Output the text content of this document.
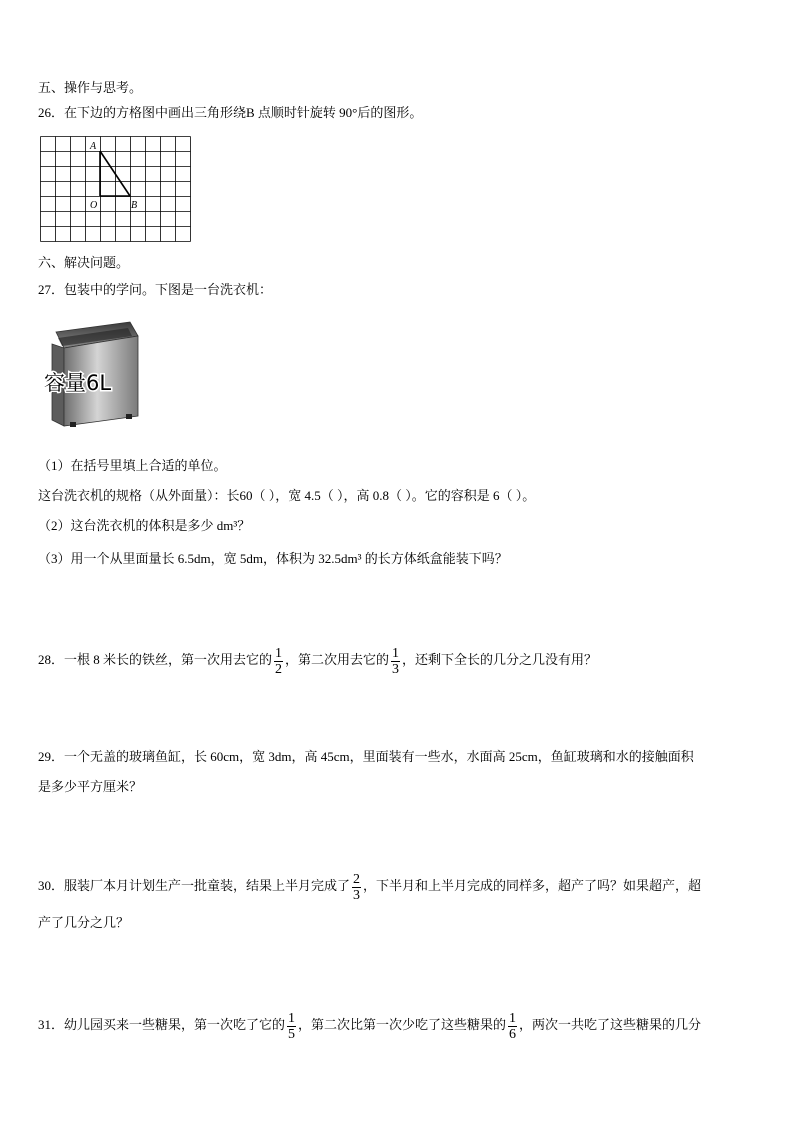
五、操作与思考。
26．在下边的方格图中画出三角形绕B 点顺时针旋转 90°后的图形。
A
O	B
六、解决问题。
27．包装中的学问。下图是一台洗衣机：
容量6L
（1）在括号里填上合适的单位。
这台洗衣机的规格（从外面量）：长60（ ），宽 4.5（ ），高 0.8（ ）。它的容积是 6（ ）。
（2）这台洗衣机的体积是多少 dm³？
（3）用一个从里面量长 6.5dm，宽 5dm，体积为 32.5dm³ 的长方体纸盒能装下吗？
28．一根 8 米长的铁丝，第一次用去它的 $\frac{1}{2}$ ，第二次用去它的 $\frac{1}{3}$ ，还剩下全长的几分之几没有用？
29．一个无盖的玻璃鱼缸，长 60cm，宽 3dm，高 45cm，里面装有一些水，水面高 25cm，鱼缸玻璃和水的接触面积
是多少平方厘米？
30．服装厂本月计划生产一批童装，结果上半月完成了 $\frac{2}{3}$ ，下半月和上半月完成的同样多，超产了吗？如果超产，超
产了几分之几？
31．幼儿园买来一些糖果，第一次吃了它的 $\frac{1}{5}$ ，第二次比第一次少吃了这些糖果的 $\frac{1}{6}$ ，两次一共吃了这些糖果的几分
